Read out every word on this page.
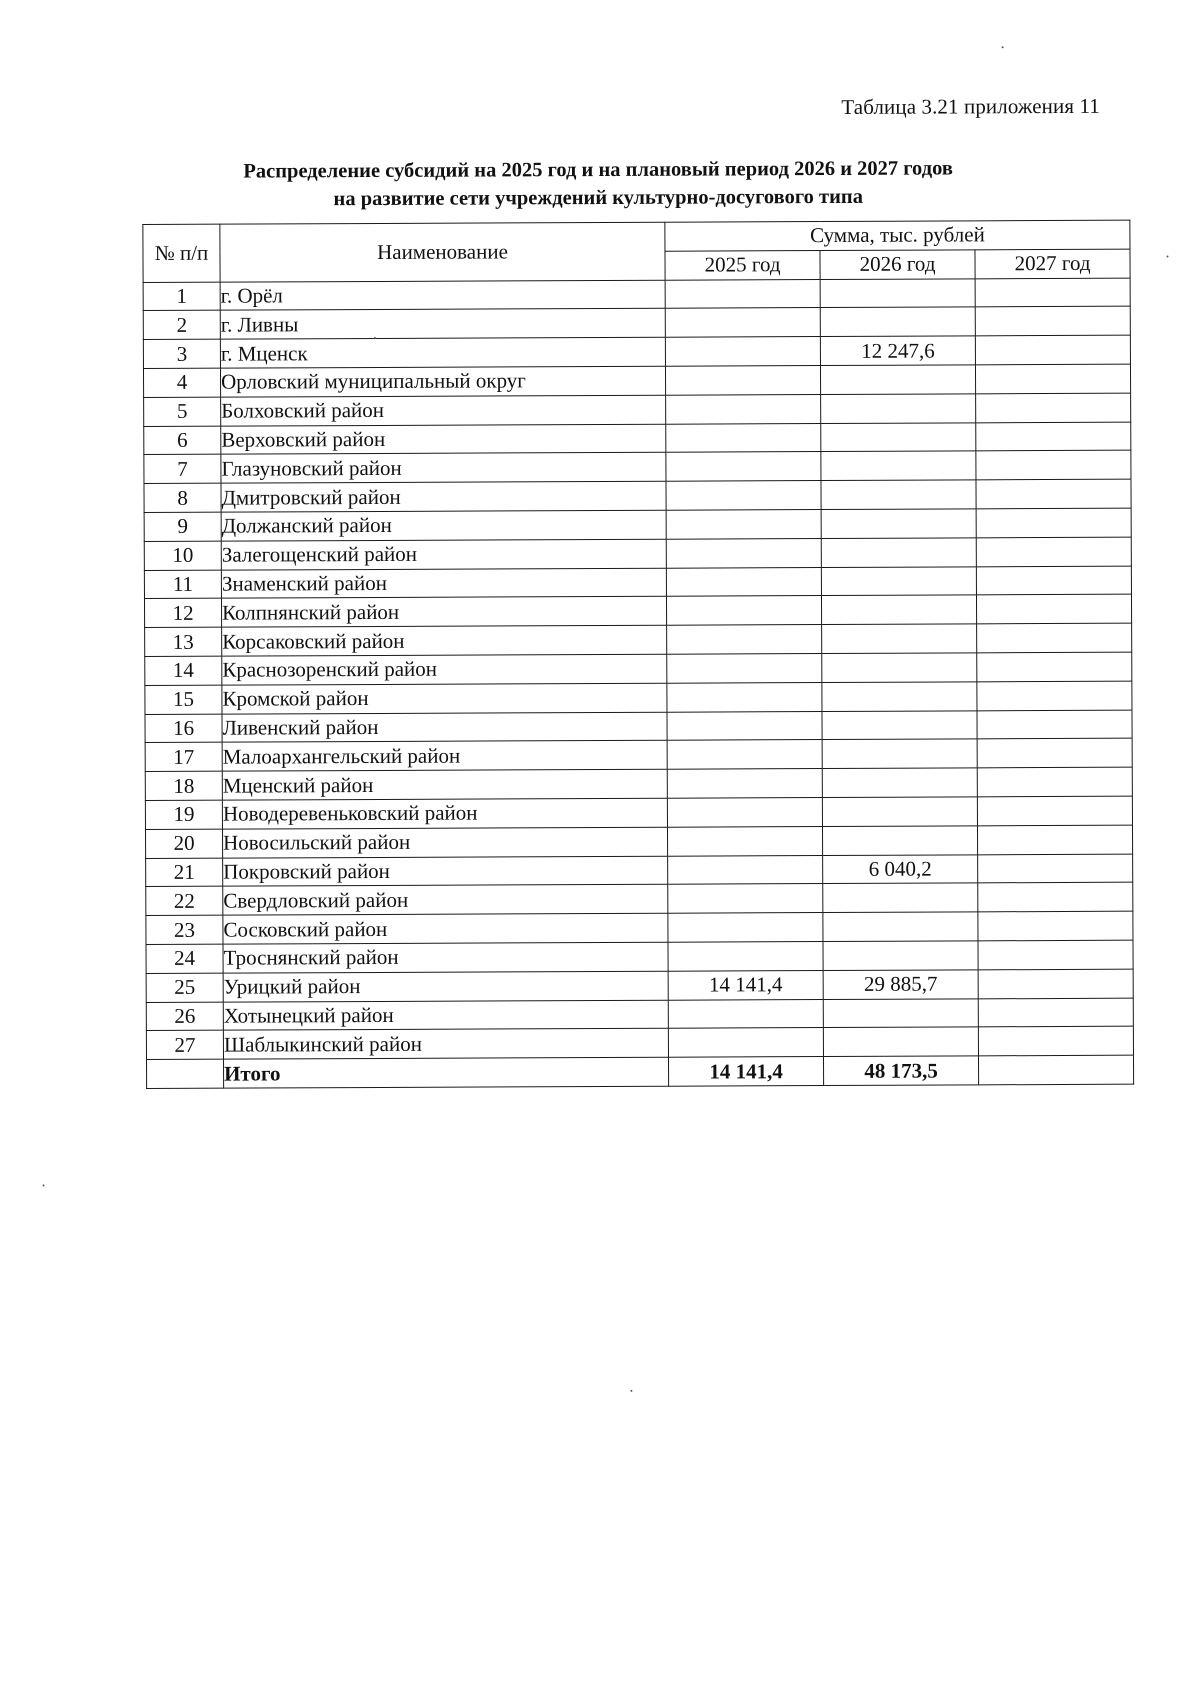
Таблица 3.21 приложения 11
Распределение субсидий на 2025 год и на плановый период 2026 и 2027 годов
на развитие сети учреждений культурно-досугового типа
№ п/п	Наименование	Сумма, тыс. рублей		
		2025 год	2026 год	2027 год
1	г. Орёл			
2	г. Ливны			
3	г. Мценск		12 247,6	
4	Орловский муниципальный округ			
5	Болховский район			
6	Верховский район			
7	Глазуновский район			
8	Дмитровский район			
9	Должанский район			
10	Залегощенский район			
11	Знаменский район			
12	Колпнянский район			
13	Корсаковский район			
14	Краснозоренский район			
15	Кромской район			
16	Ливенский район			
17	Малоархангельский район			
18	Мценский район			
19	Новодеревеньковский район			
20	Новосильский район			
21	Покровский район		6 040,2	
22	Свердловский район			
23	Сосковский район			
24	Троснянский район			
25	Урицкий район	14 141,4	29 885,7	
26	Хотынецкий район			
27	Шаблыкинский район			
	Итого	14 141,4	48 173,5	
